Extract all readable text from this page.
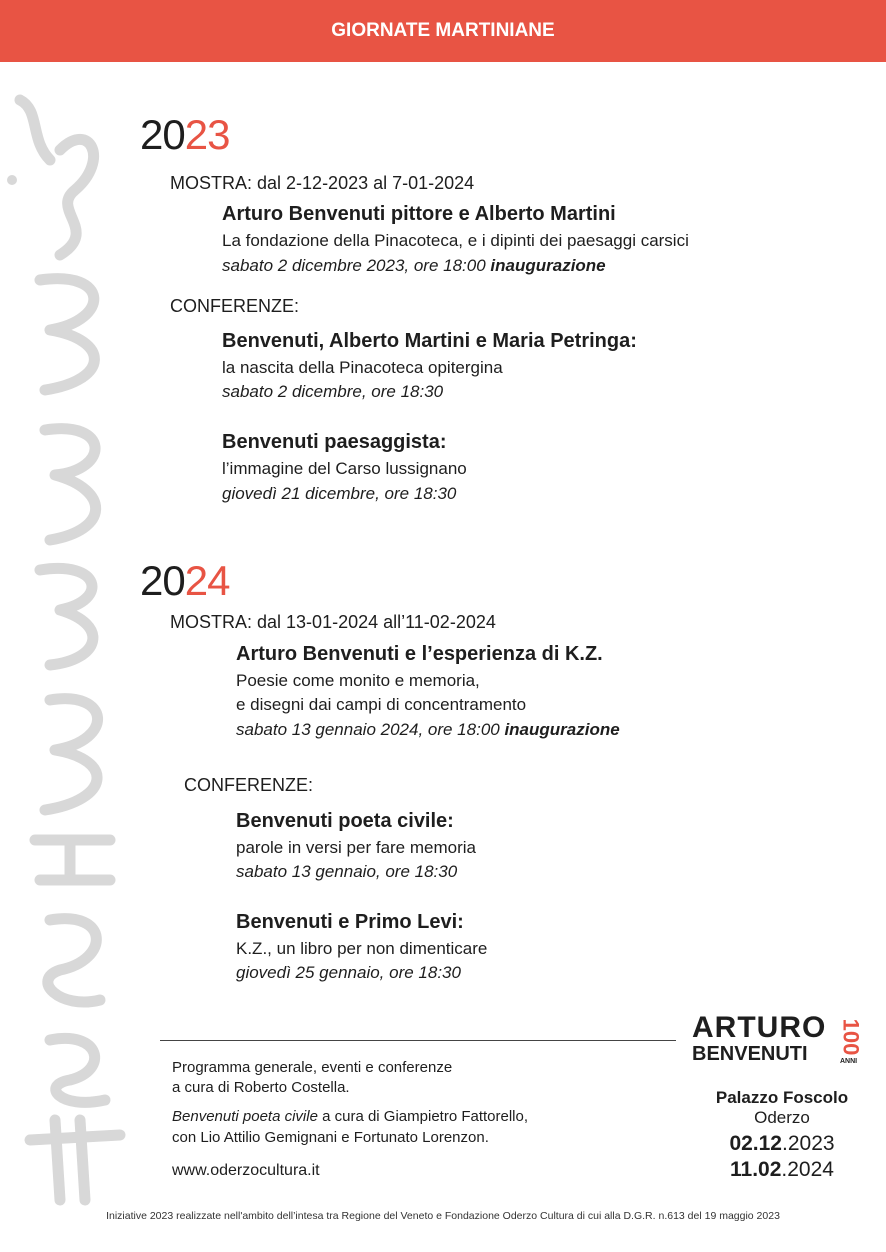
GIORNATE MARTINIANE
2023
MOSTRA: dal 2-12-2023 al 7-01-2024
Arturo Benvenuti pittore e Alberto Martini
La fondazione della Pinacoteca, e i dipinti dei paesaggi carsici
sabato 2 dicembre 2023, ore 18:00 inaugurazione
CONFERENZE:
Benvenuti, Alberto Martini e Maria Petringa:
la nascita della Pinacoteca opitergina
sabato 2 dicembre, ore 18:30
Benvenuti paesaggista:
l’immagine del Carso lussignano
giovedì 21 dicembre, ore 18:30
2024
MOSTRA: dal 13-01-2024 all’11-02-2024
Arturo Benvenuti e l’esperienza di K.Z.
Poesie come monito e memoria,
e disegni dai campi di concentramento
sabato 13 gennaio 2024, ore 18:00 inaugurazione
CONFERENZE:
Benvenuti poeta civile:
parole in versi per fare memoria
sabato 13 gennaio, ore 18:30
Benvenuti e Primo Levi:
K.Z., un libro per non dimenticare
giovedì 25 gennaio, ore 18:30
Programma generale, eventi e conferenze
a cura di Roberto Costella.
Benvenuti poeta civile a cura di Giampietro Fattorello,
con Lio Attilio Gemignani e Fortunato Lorenzon.
www.oderzocultura.it
ARTURO
BENVENUTI 100
ANNI
Palazzo Foscolo
Oderzo
02.12.2023
11.02.2024
Iniziative 2023 realizzate nell'ambito dell’intesa tra Regione del Veneto e Fondazione Oderzo Cultura di cui alla D.G.R. n.613 del 19 maggio 2023
